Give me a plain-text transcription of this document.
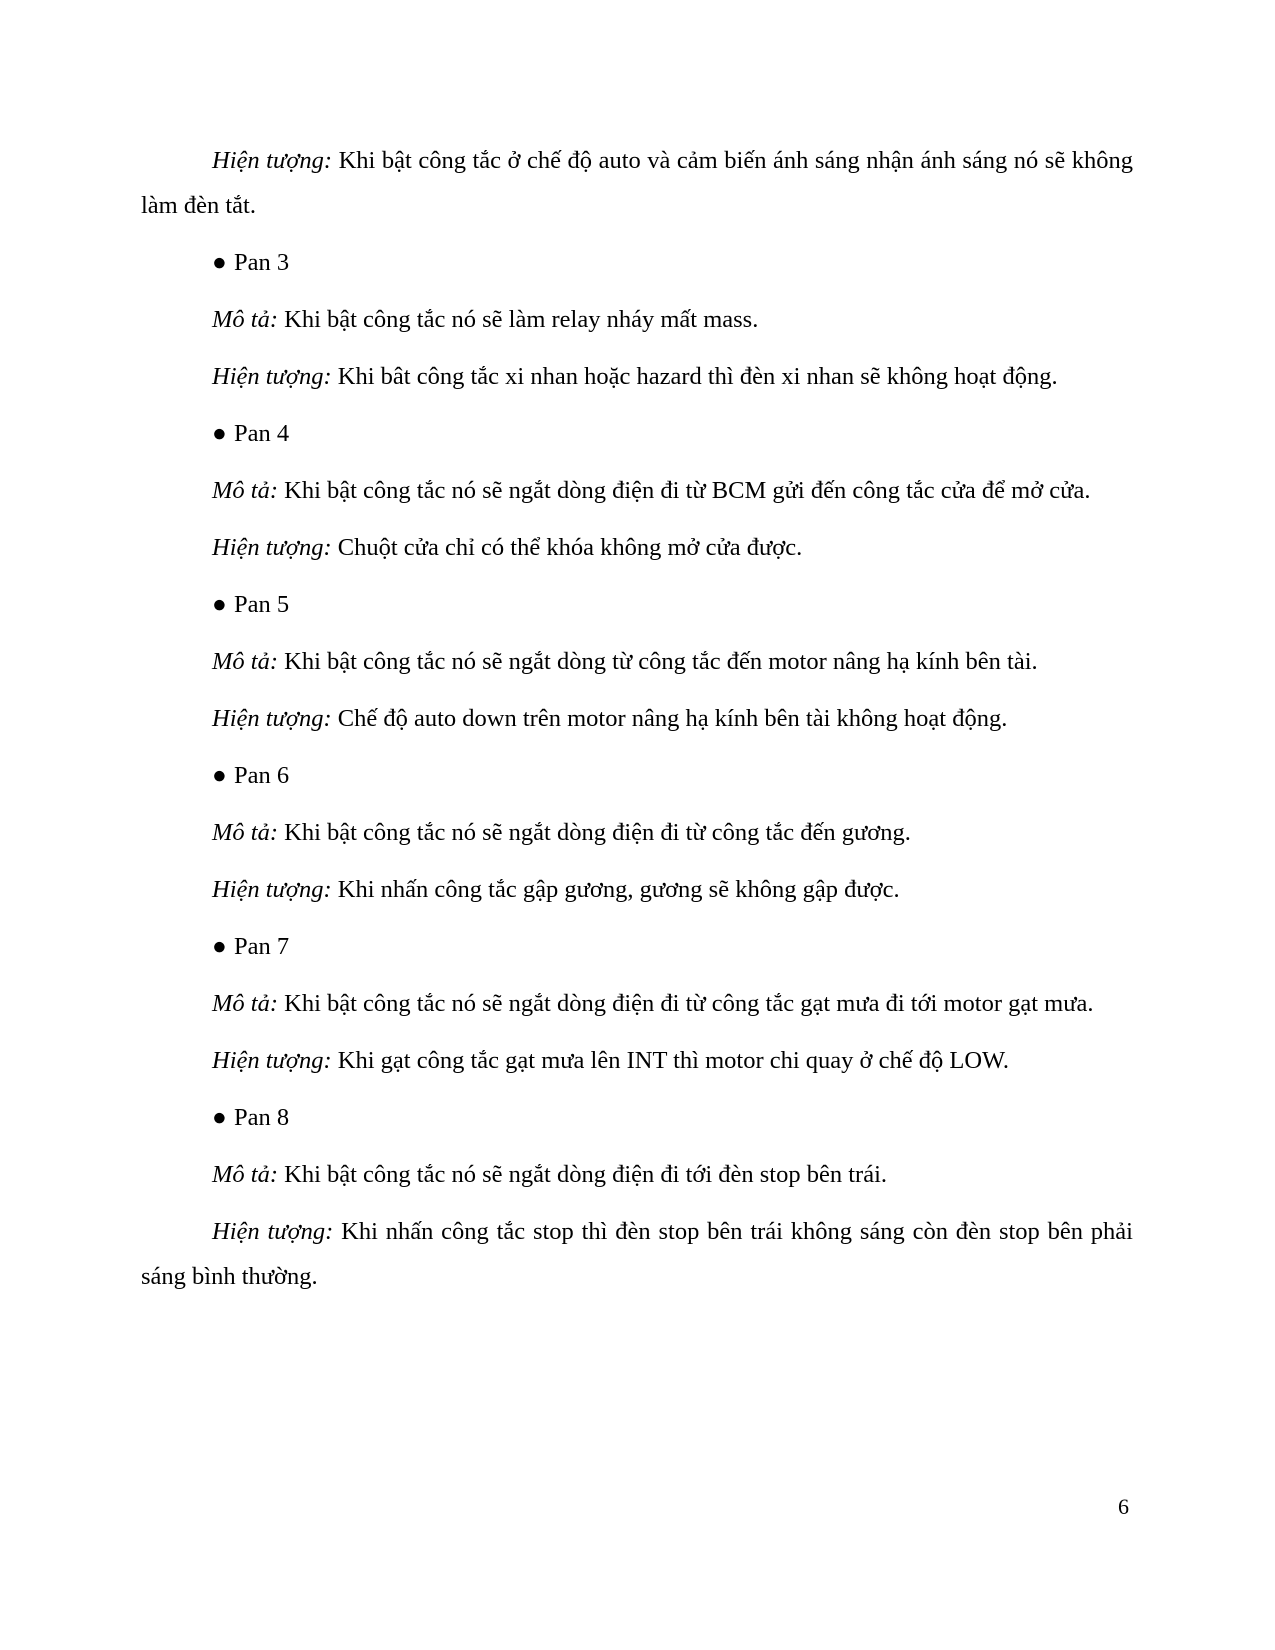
Hiện tượng: Khi bật công tắc ở chế độ auto và cảm biến ánh sáng nhận ánh sáng nó sẽ không làm đèn tắt.

● Pan 3

Mô tả: Khi bật công tắc nó sẽ làm relay nháy mất mass.

Hiện tượng: Khi bât công tắc xi nhan hoặc hazard thì đèn xi nhan sẽ không hoạt động.

● Pan 4

Mô tả: Khi bật công tắc nó sẽ ngắt dòng điện đi từ BCM gửi đến công tắc cửa để mở cửa.

Hiện tượng: Chuột cửa chỉ có thể khóa không mở cửa được.

● Pan 5

Mô tả: Khi bật công tắc nó sẽ ngắt dòng từ công tắc đến motor nâng hạ kính bên tài.

Hiện tượng: Chế độ auto down trên motor nâng hạ kính bên tài không hoạt động.

● Pan 6

Mô tả: Khi bật công tắc nó sẽ ngắt dòng điện đi từ công tắc đến gương.

Hiện tượng: Khi nhấn công tắc gập gương, gương sẽ không gập được.

● Pan 7

Mô tả: Khi bật công tắc nó sẽ ngắt dòng điện đi từ công tắc gạt mưa đi tới motor gạt mưa.

Hiện tượng: Khi gạt công tắc gạt mưa lên INT thì motor chi quay ở chế độ LOW.

● Pan 8

Mô tả: Khi bật công tắc nó sẽ ngắt dòng điện đi tới đèn stop bên trái.

Hiện tượng: Khi nhấn công tắc stop thì đèn stop bên trái không sáng còn đèn stop bên phải sáng bình thường.

6
